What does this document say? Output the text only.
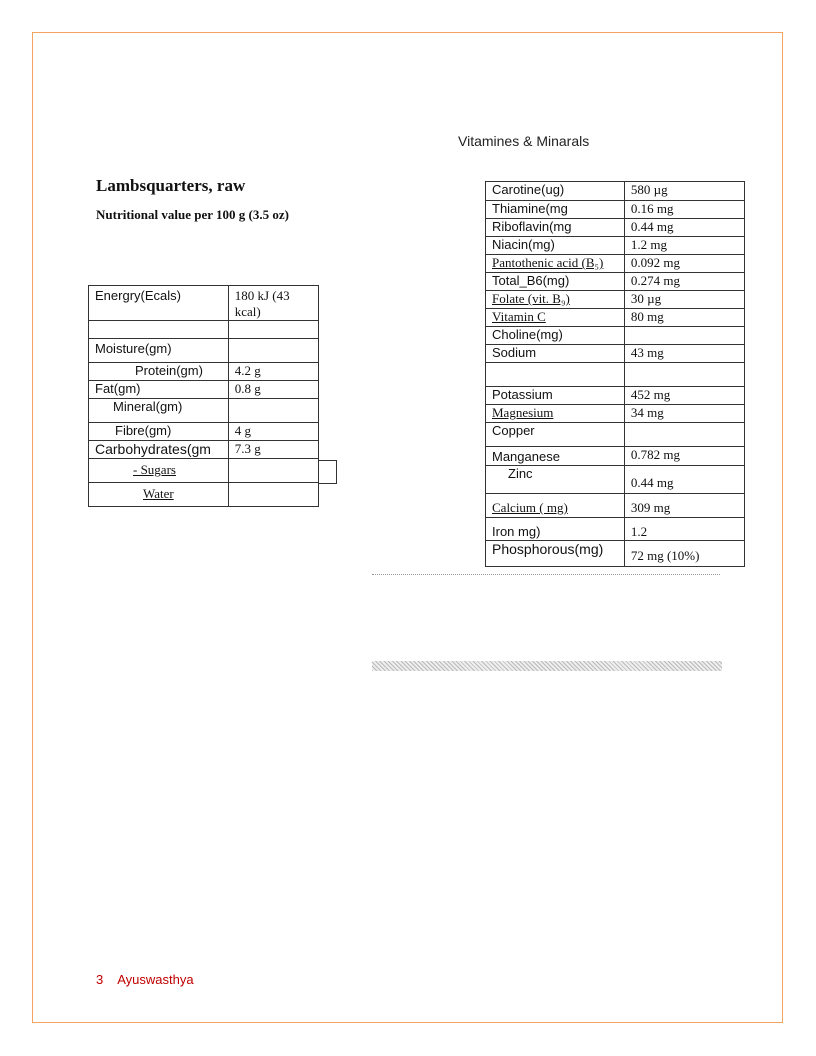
Vitamines & Minarals
Lambsquarters, raw
Nutritional value per 100 g (3.5 oz)
Energry(Ecals)	180 kJ (43 kcal)

Moisture(gm)	
Protein(gm)	4.2 g
Fat(gm)	0.8 g
Mineral(gm)	
Fibre(gm)	4 g
Carbohydrates(gm	7.3 g
- Sugars	
Water	
Carotine(ug)	580 µg
Thiamine(mg	0.16 mg
Riboflavin(mg	0.44 mg
Niacin(mg)	1.2 mg
Pantothenic acid (B₅)	0.092 mg
Total_B6(mg)	0.274 mg
Folate (vit. B₉)	30 µg
Vitamin C	80 mg
Choline(mg)	
Sodium	43 mg

Potassium	452 mg
Magnesium	34 mg
Copper	
Manganese	0.782 mg
Zinc	0.44 mg
Calcium ( mg)	309 mg
Iron mg)	1.2
Phosphorous(mg)	72 mg (10%)
3 Ayuswasthya
